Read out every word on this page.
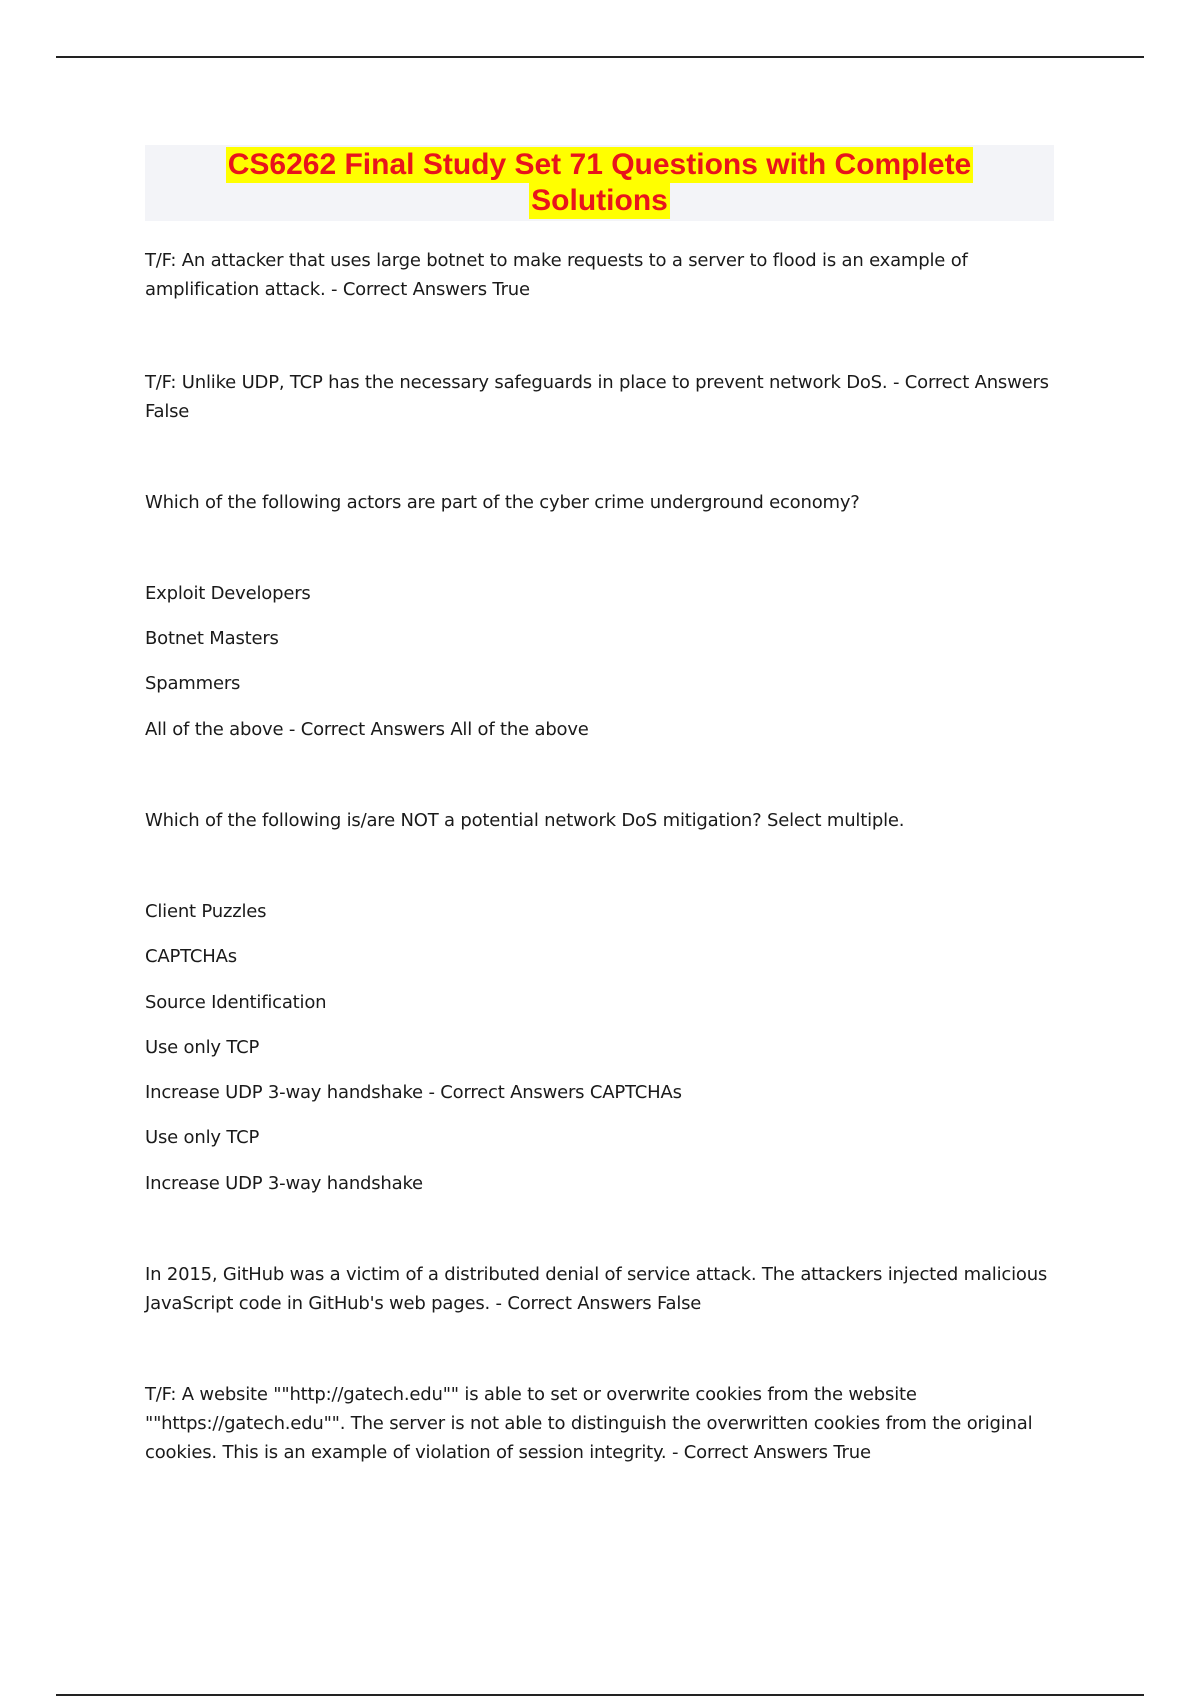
CS6262 Final Study Set 71 Questions with Complete
Solutions
T/F: An attacker that uses large botnet to make requests to a server to flood is an example of amplification attack. - Correct Answers True
T/F: Unlike UDP, TCP has the necessary safeguards in place to prevent network DoS. - Correct Answers False
Which of the following actors are part of the cyber crime underground economy?
Exploit Developers
Botnet Masters
Spammers
All of the above - Correct Answers All of the above
Which of the following is/are NOT a potential network DoS mitigation? Select multiple.
Client Puzzles
CAPTCHAs
Source Identification
Use only TCP
Increase UDP 3-way handshake - Correct Answers CAPTCHAs
Use only TCP
Increase UDP 3-way handshake
In 2015, GitHub was a victim of a distributed denial of service attack. The attackers injected malicious JavaScript code in GitHub's web pages. - Correct Answers False
T/F: A website ""http://gatech.edu"" is able to set or overwrite cookies from the website ""https://gatech.edu"". The server is not able to distinguish the overwritten cookies from the original cookies. This is an example of violation of session integrity. - Correct Answers True
